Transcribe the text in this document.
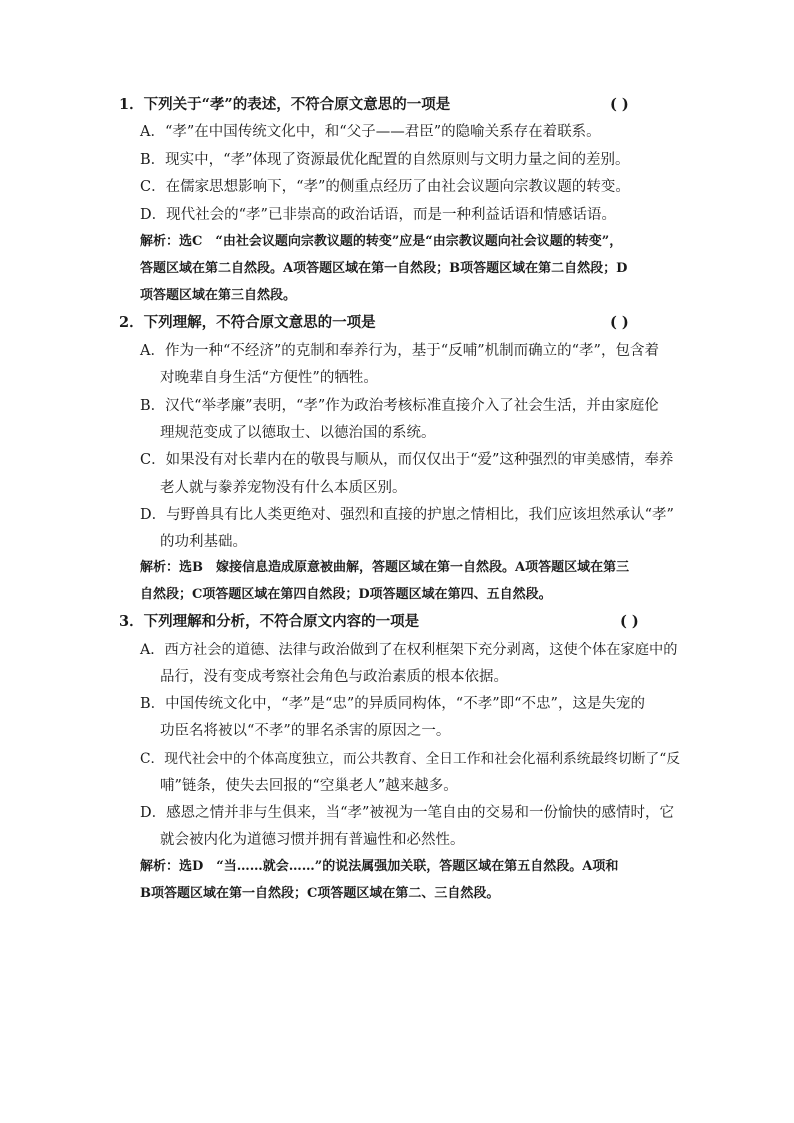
1．下列关于“孝”的表述，不符合原文意思的一项是	( )
A．“孝”在中国传统文化中，和“父子——君臣”的隐喻关系存在着联系。
B．现实中，“孝”体现了资源最优化配置的自然原则与文明力量之间的差别。
C．在儒家思想影响下，“孝”的侧重点经历了由社会议题向宗教议题的转变。
D．现代社会的“孝”已非崇高的政治话语，而是一种利益话语和情感话语。
解析：选C　“由社会议题向宗教议题的转变”应是“由宗教议题向社会议题的转变”，
答题区域在第二自然段。A项答题区域在第一自然段；B项答题区域在第二自然段；D
项答题区域在第三自然段。
2．下列理解，不符合原文意思的一项是	( )
A．作为一种“不经济”的克制和奉养行为，基于“反哺”机制而确立的“孝”，包含着
对晚辈自身生活“方便性”的牺牲。
B．汉代“举孝廉”表明，“孝”作为政治考核标准直接介入了社会生活，并由家庭伦
理规范变成了以德取士、以德治国的系统。
C．如果没有对长辈内在的敬畏与顺从，而仅仅出于“爱”这种强烈的审美感情，奉养
老人就与豢养宠物没有什么本质区别。
D．与野兽具有比人类更绝对、强烈和直接的护崽之情相比，我们应该坦然承认“孝”
的功利基础。
解析：选B　嫁接信息造成原意被曲解，答题区域在第一自然段。A项答题区域在第三
自然段；C项答题区域在第四自然段；D项答题区域在第四、五自然段。
3．下列理解和分析，不符合原文内容的一项是	( )
A．西方社会的道德、法律与政治做到了在权利框架下充分剥离，这使个体在家庭中的
品行，没有变成考察社会角色与政治素质的根本依据。
B．中国传统文化中，“孝”是“忠”的异质同构体，“不孝”即“不忠”，这是失宠的
功臣名将被以“不孝”的罪名杀害的原因之一。
C．现代社会中的个体高度独立，而公共教育、全日工作和社会化福利系统最终切断了“反
哺”链条，使失去回报的“空巢老人”越来越多。
D．感恩之情并非与生俱来，当“孝”被视为一笔自由的交易和一份愉快的感情时，它
就会被内化为道德习惯并拥有普遍性和必然性。
解析：选D　“当……就会……”的说法属强加关联，答题区域在第五自然段。A项和
B项答题区域在第一自然段；C项答题区域在第二、三自然段。
